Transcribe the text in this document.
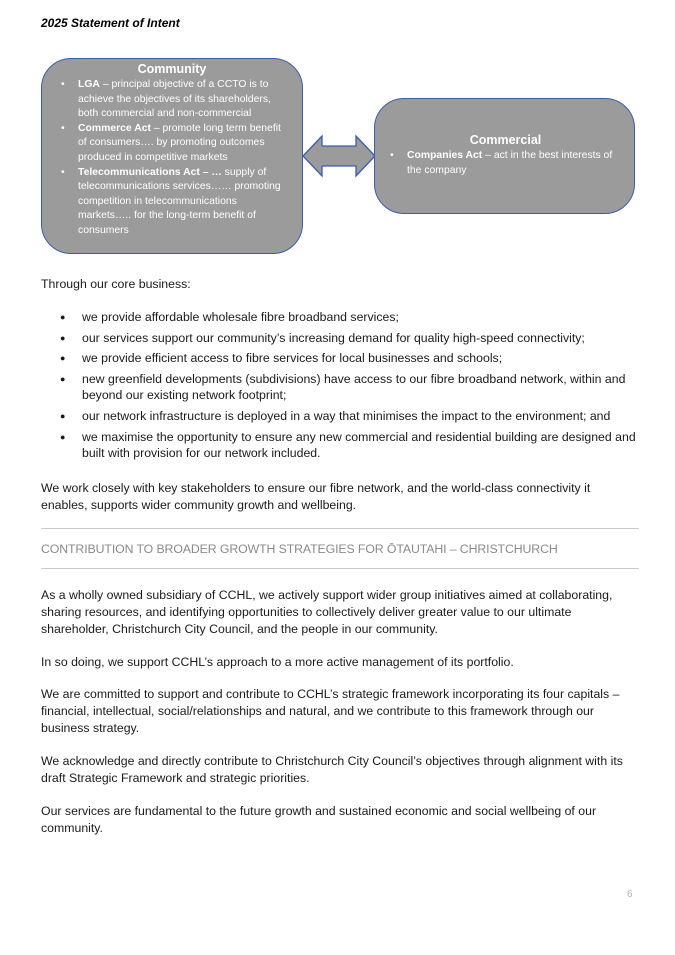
2025 Statement of Intent
Community
• LGA – principal objective of a CCTO is to achieve the objectives of its shareholders, both commercial and non-commercial
• Commerce Act – promote long term benefit of consumers…. by promoting outcomes produced in competitive markets
• Telecommunications Act – … supply of telecommunications services…… promoting competition in telecommunications markets….. for the long-term benefit of consumers
Commercial
• Companies Act – act in the best interests of the company
Through our core business:
● we provide affordable wholesale fibre broadband services;
● our services support our community’s increasing demand for quality high-speed connectivity;
● we provide efficient access to fibre services for local businesses and schools;
● new greenfield developments (subdivisions) have access to our fibre broadband network, within and beyond our existing network footprint;
● our network infrastructure is deployed in a way that minimises the impact to the environment; and
● we maximise the opportunity to ensure any new commercial and residential building are designed and built with provision for our network included.
We work closely with key stakeholders to ensure our fibre network, and the world-class connectivity it enables, supports wider community growth and wellbeing.
CONTRIBUTION TO BROADER GROWTH STRATEGIES FOR ŌTAUTAHI – CHRISTCHURCH
As a wholly owned subsidiary of CCHL, we actively support wider group initiatives aimed at collaborating, sharing resources, and identifying opportunities to collectively deliver greater value to our ultimate shareholder, Christchurch City Council, and the people in our community.
In so doing, we support CCHL’s approach to a more active management of its portfolio.
We are committed to support and contribute to CCHL’s strategic framework incorporating its four capitals – financial, intellectual, social/relationships and natural, and we contribute to this framework through our business strategy.
We acknowledge and directly contribute to Christchurch City Council’s objectives through alignment with its draft Strategic Framework and strategic priorities.
Our services are fundamental to the future growth and sustained economic and social wellbeing of our community.
6
